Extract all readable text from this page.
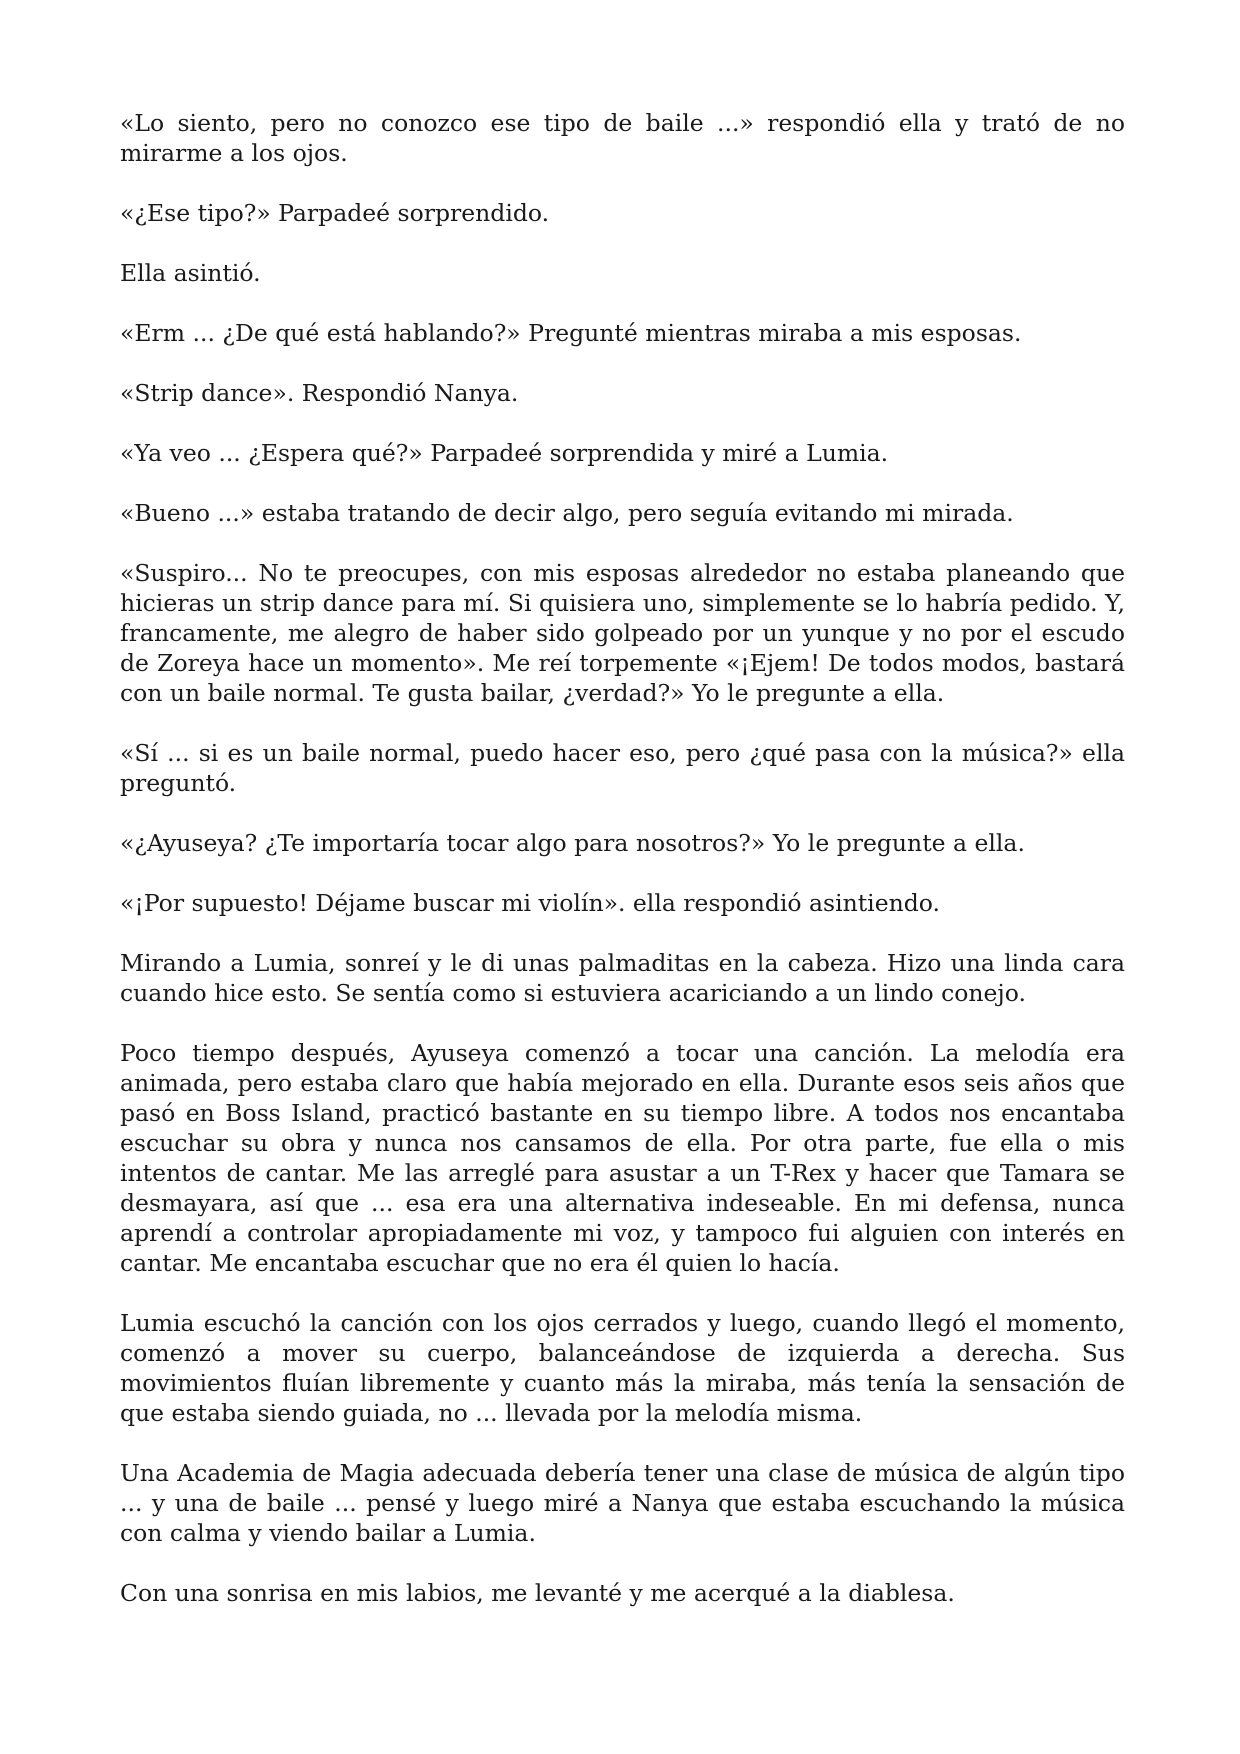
«Lo siento, pero no conozco ese tipo de baile ...» respondió ella y trató de no mirarme a los ojos.

«¿Ese tipo?» Parpadeé sorprendido.

Ella asintió.

«Erm ... ¿De qué está hablando?» Pregunté mientras miraba a mis esposas.

«Strip dance». Respondió Nanya.

«Ya veo ... ¿Espera qué?» Parpadeé sorprendida y miré a Lumia.

«Bueno ...» estaba tratando de decir algo, pero seguía evitando mi mirada.

«Suspiro... No te preocupes, con mis esposas alrededor no estaba planeando que hicieras un strip dance para mí. Si quisiera uno, simplemente se lo habría pedido. Y, francamente, me alegro de haber sido golpeado por un yunque y no por el escudo de Zoreya hace un momento». Me reí torpemente «¡Ejem! De todos modos, bastará con un baile normal. Te gusta bailar, ¿verdad?» Yo le pregunte a ella.

«Sí ... si es un baile normal, puedo hacer eso, pero ¿qué pasa con la música?» ella preguntó.

«¿Ayuseya? ¿Te importaría tocar algo para nosotros?» Yo le pregunte a ella.

«¡Por supuesto! Déjame buscar mi violín». ella respondió asintiendo.

Mirando a Lumia, sonreí y le di unas palmaditas en la cabeza. Hizo una linda cara cuando hice esto. Se sentía como si estuviera acariciando a un lindo conejo.

Poco tiempo después, Ayuseya comenzó a tocar una canción. La melodía era animada, pero estaba claro que había mejorado en ella. Durante esos seis años que pasó en Boss Island, practicó bastante en su tiempo libre. A todos nos encantaba escuchar su obra y nunca nos cansamos de ella. Por otra parte, fue ella o mis intentos de cantar. Me las arreglé para asustar a un T-Rex y hacer que Tamara se desmayara, así que ... esa era una alternativa indeseable. En mi defensa, nunca aprendí a controlar apropiadamente mi voz, y tampoco fui alguien con interés en cantar. Me encantaba escuchar que no era él quien lo hacía.

Lumia escuchó la canción con los ojos cerrados y luego, cuando llegó el momento, comenzó a mover su cuerpo, balanceándose de izquierda a derecha. Sus movimientos fluían libremente y cuanto más la miraba, más tenía la sensación de que estaba siendo guiada, no ... llevada por la melodía misma.

Una Academia de Magia adecuada debería tener una clase de música de algún tipo ... y una de baile ... pensé y luego miré a Nanya que estaba escuchando la música con calma y viendo bailar a Lumia.

Con una sonrisa en mis labios, me levanté y me acerqué a la diablesa.
